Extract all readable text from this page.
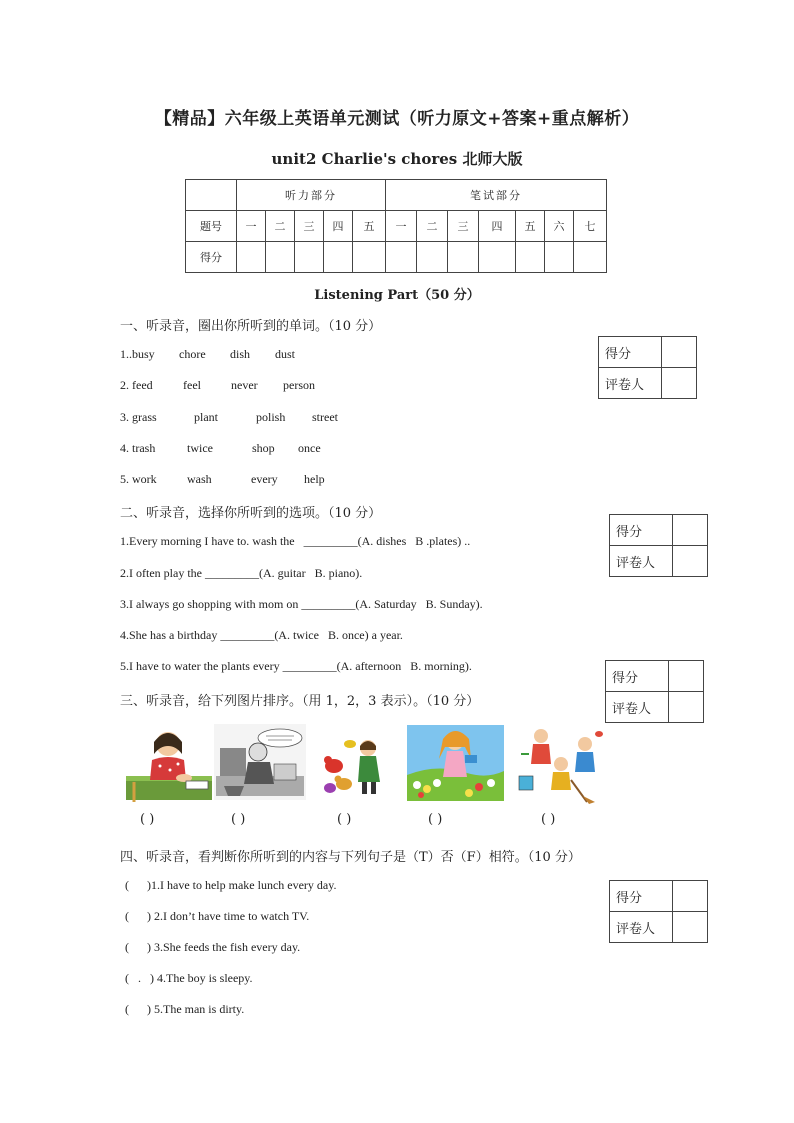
【精品】六年级上英语单元测试（听力原文+答案+重点解析）
unit2 Charlie's chores 北师大版
	听力部分					笔试部分						
题号	一	二	三	四	五	一	二	三	四	五	六	七
得分												
Listening Part（50 分）
一、听录音，圈出你所听到的单词。（10 分）
1..busy chore dish dust
2. feed	feel	never person
3. grass	plant	polish street
4. trash	twice	shop once
5. work	wash	every help
得分	
评卷人	
二、听录音，选择你所听到的选项。（10 分）
1.Every morning I have to. wash the   _________(A. dishes   B .plates) ..
2.I often play the _________(A. guitar   B. piano).
3.I always go shopping with mom on _________(A. Saturday   B. Sunday).
4.She has a birthday _________(A. twice   B. once) a year.
5.I have to water the plants every _________(A. afternoon   B. morning).
得分	
评卷人	
得分	
评卷人	
三、听录音，给下列图片排序。（用 1，2，3 表示）。（10 分）
( )	( )	( )	( )	( )
四、听录音，看判断你所听到的内容与下列句子是（T）否（F）相符。（10 分）
(      )1.I have to help make lunch every day.
(      ) 2.I don’t have time to watch TV.
(      ) 3.She feeds the fish every day.
(   .   ) 4.The boy is sleepy.
(      ) 5.The man is dirty.
得分	
评卷人	
